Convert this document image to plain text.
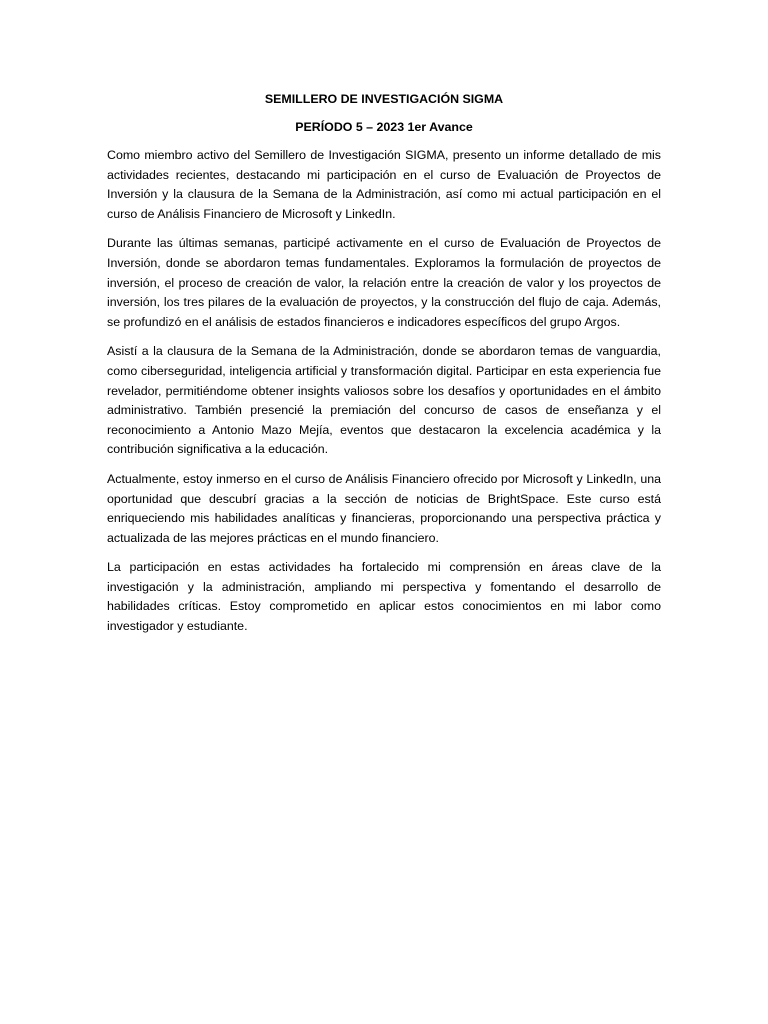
SEMILLERO DE INVESTIGACIÓN SIGMA
PERÍODO 5 – 2023 1er Avance

Como miembro activo del Semillero de Investigación SIGMA, presento un informe detallado de mis actividades recientes, destacando mi participación en el curso de Evaluación de Proyectos de Inversión y la clausura de la Semana de la Administración, así como mi actual participación en el curso de Análisis Financiero de Microsoft y LinkedIn.

Durante las últimas semanas, participé activamente en el curso de Evaluación de Proyectos de Inversión, donde se abordaron temas fundamentales. Exploramos la formulación de proyectos de inversión, el proceso de creación de valor, la relación entre la creación de valor y los proyectos de inversión, los tres pilares de la evaluación de proyectos, y la construcción del flujo de caja. Además, se profundizó en el análisis de estados financieros e indicadores específicos del grupo Argos.

Asistí a la clausura de la Semana de la Administración, donde se abordaron temas de vanguardia, como ciberseguridad, inteligencia artificial y transformación digital. Participar en esta experiencia fue revelador, permitiéndome obtener insights valiosos sobre los desafíos y oportunidades en el ámbito administrativo. También presencié la premiación del concurso de casos de enseñanza y el reconocimiento a Antonio Mazo Mejía, eventos que destacaron la excelencia académica y la contribución significativa a la educación.

Actualmente, estoy inmerso en el curso de Análisis Financiero ofrecido por Microsoft y LinkedIn, una oportunidad que descubrí gracias a la sección de noticias de BrightSpace. Este curso está enriqueciendo mis habilidades analíticas y financieras, proporcionando una perspectiva práctica y actualizada de las mejores prácticas en el mundo financiero.

La participación en estas actividades ha fortalecido mi comprensión en áreas clave de la investigación y la administración, ampliando mi perspectiva y fomentando el desarrollo de habilidades críticas. Estoy comprometido en aplicar estos conocimientos en mi labor como investigador y estudiante.
